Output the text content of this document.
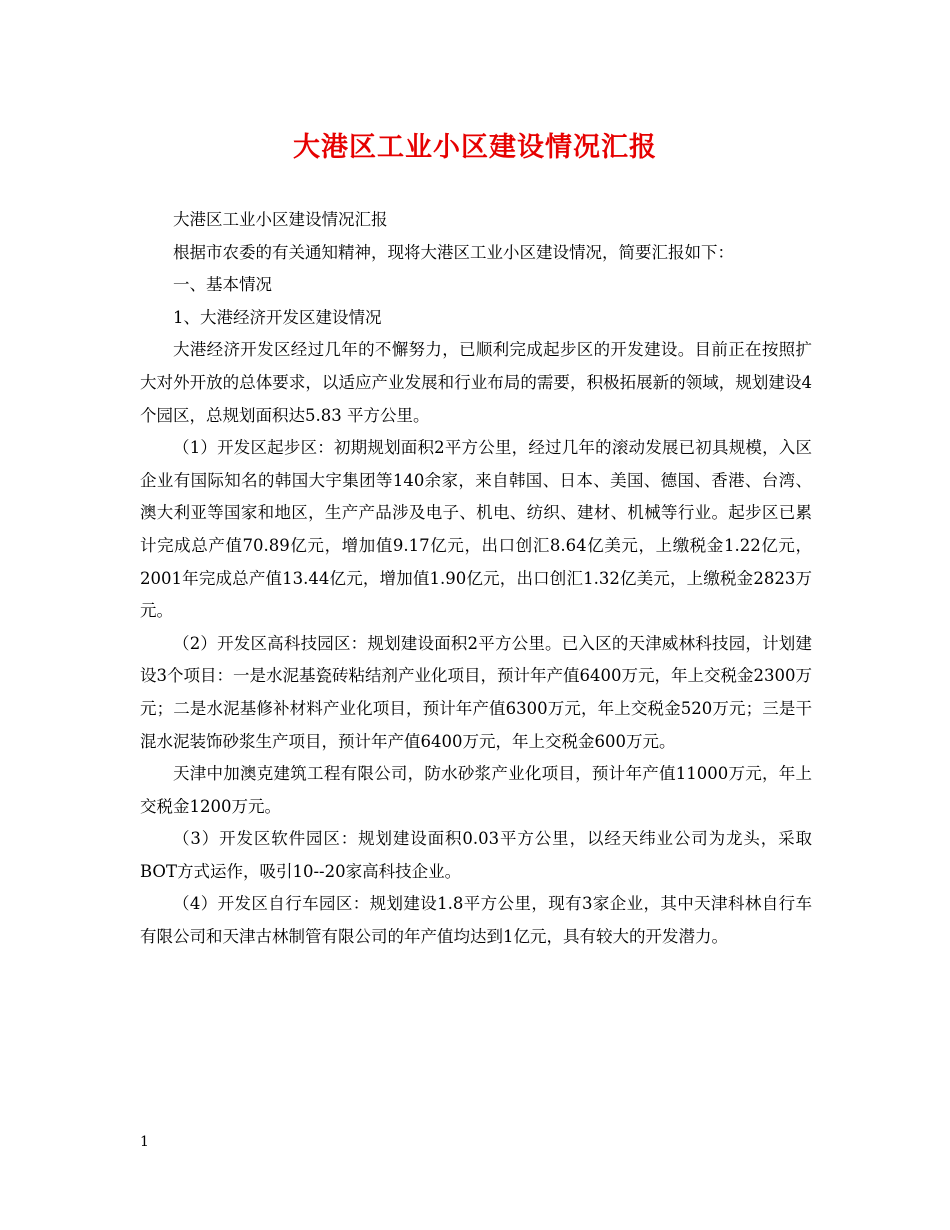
大港区工业小区建设情况汇报

大港区工业小区建设情况汇报

根据市农委的有关通知精神，现将大港区工业小区建设情况，简要汇报如下：

一、基本情况

1、大港经济开发区建设情况

大港经济开发区经过几年的不懈努力，已顺利完成起步区的开发建设。目前正在按照扩大对外开放的总体要求，以适应产业发展和行业布局的需要，积极拓展新的领域，规划建设4个园区，总规划面积达5.83 平方公里。

（1）开发区起步区：初期规划面积2平方公里，经过几年的滚动发展已初具规模，入区企业有国际知名的韩国大宇集团等140余家，来自韩国、日本、美国、德国、香港、台湾、澳大利亚等国家和地区，生产产品涉及电子、机电、纺织、建材、机械等行业。起步区已累计完成总产值70.89亿元，增加值9.17亿元，出口创汇8.64亿美元，上缴税金1.22亿元，2001年完成总产值13.44亿元，增加值1.90亿元，出口创汇1.32亿美元，上缴税金2823万元。

（2）开发区高科技园区：规划建设面积2平方公里。已入区的天津威林科技园，计划建设3个项目：一是水泥基瓷砖粘结剂产业化项目，预计年产值6400万元，年上交税金2300万元；二是水泥基修补材料产业化项目，预计年产值6300万元，年上交税金520万元；三是干混水泥装饰砂浆生产项目，预计年产值6400万元，年上交税金600万元。

天津中加澳克建筑工程有限公司，防水砂浆产业化项目，预计年产值11000万元，年上交税金1200万元。

（3）开发区软件园区：规划建设面积0.03平方公里，以经天纬业公司为龙头，采取BOT方式运作，吸引10--20家高科技企业。

（4）开发区自行车园区：规划建设1.8平方公里，现有3家企业，其中天津科林自行车有限公司和天津古林制管有限公司的年产值均达到1亿元，具有较大的开发潜力。

1
